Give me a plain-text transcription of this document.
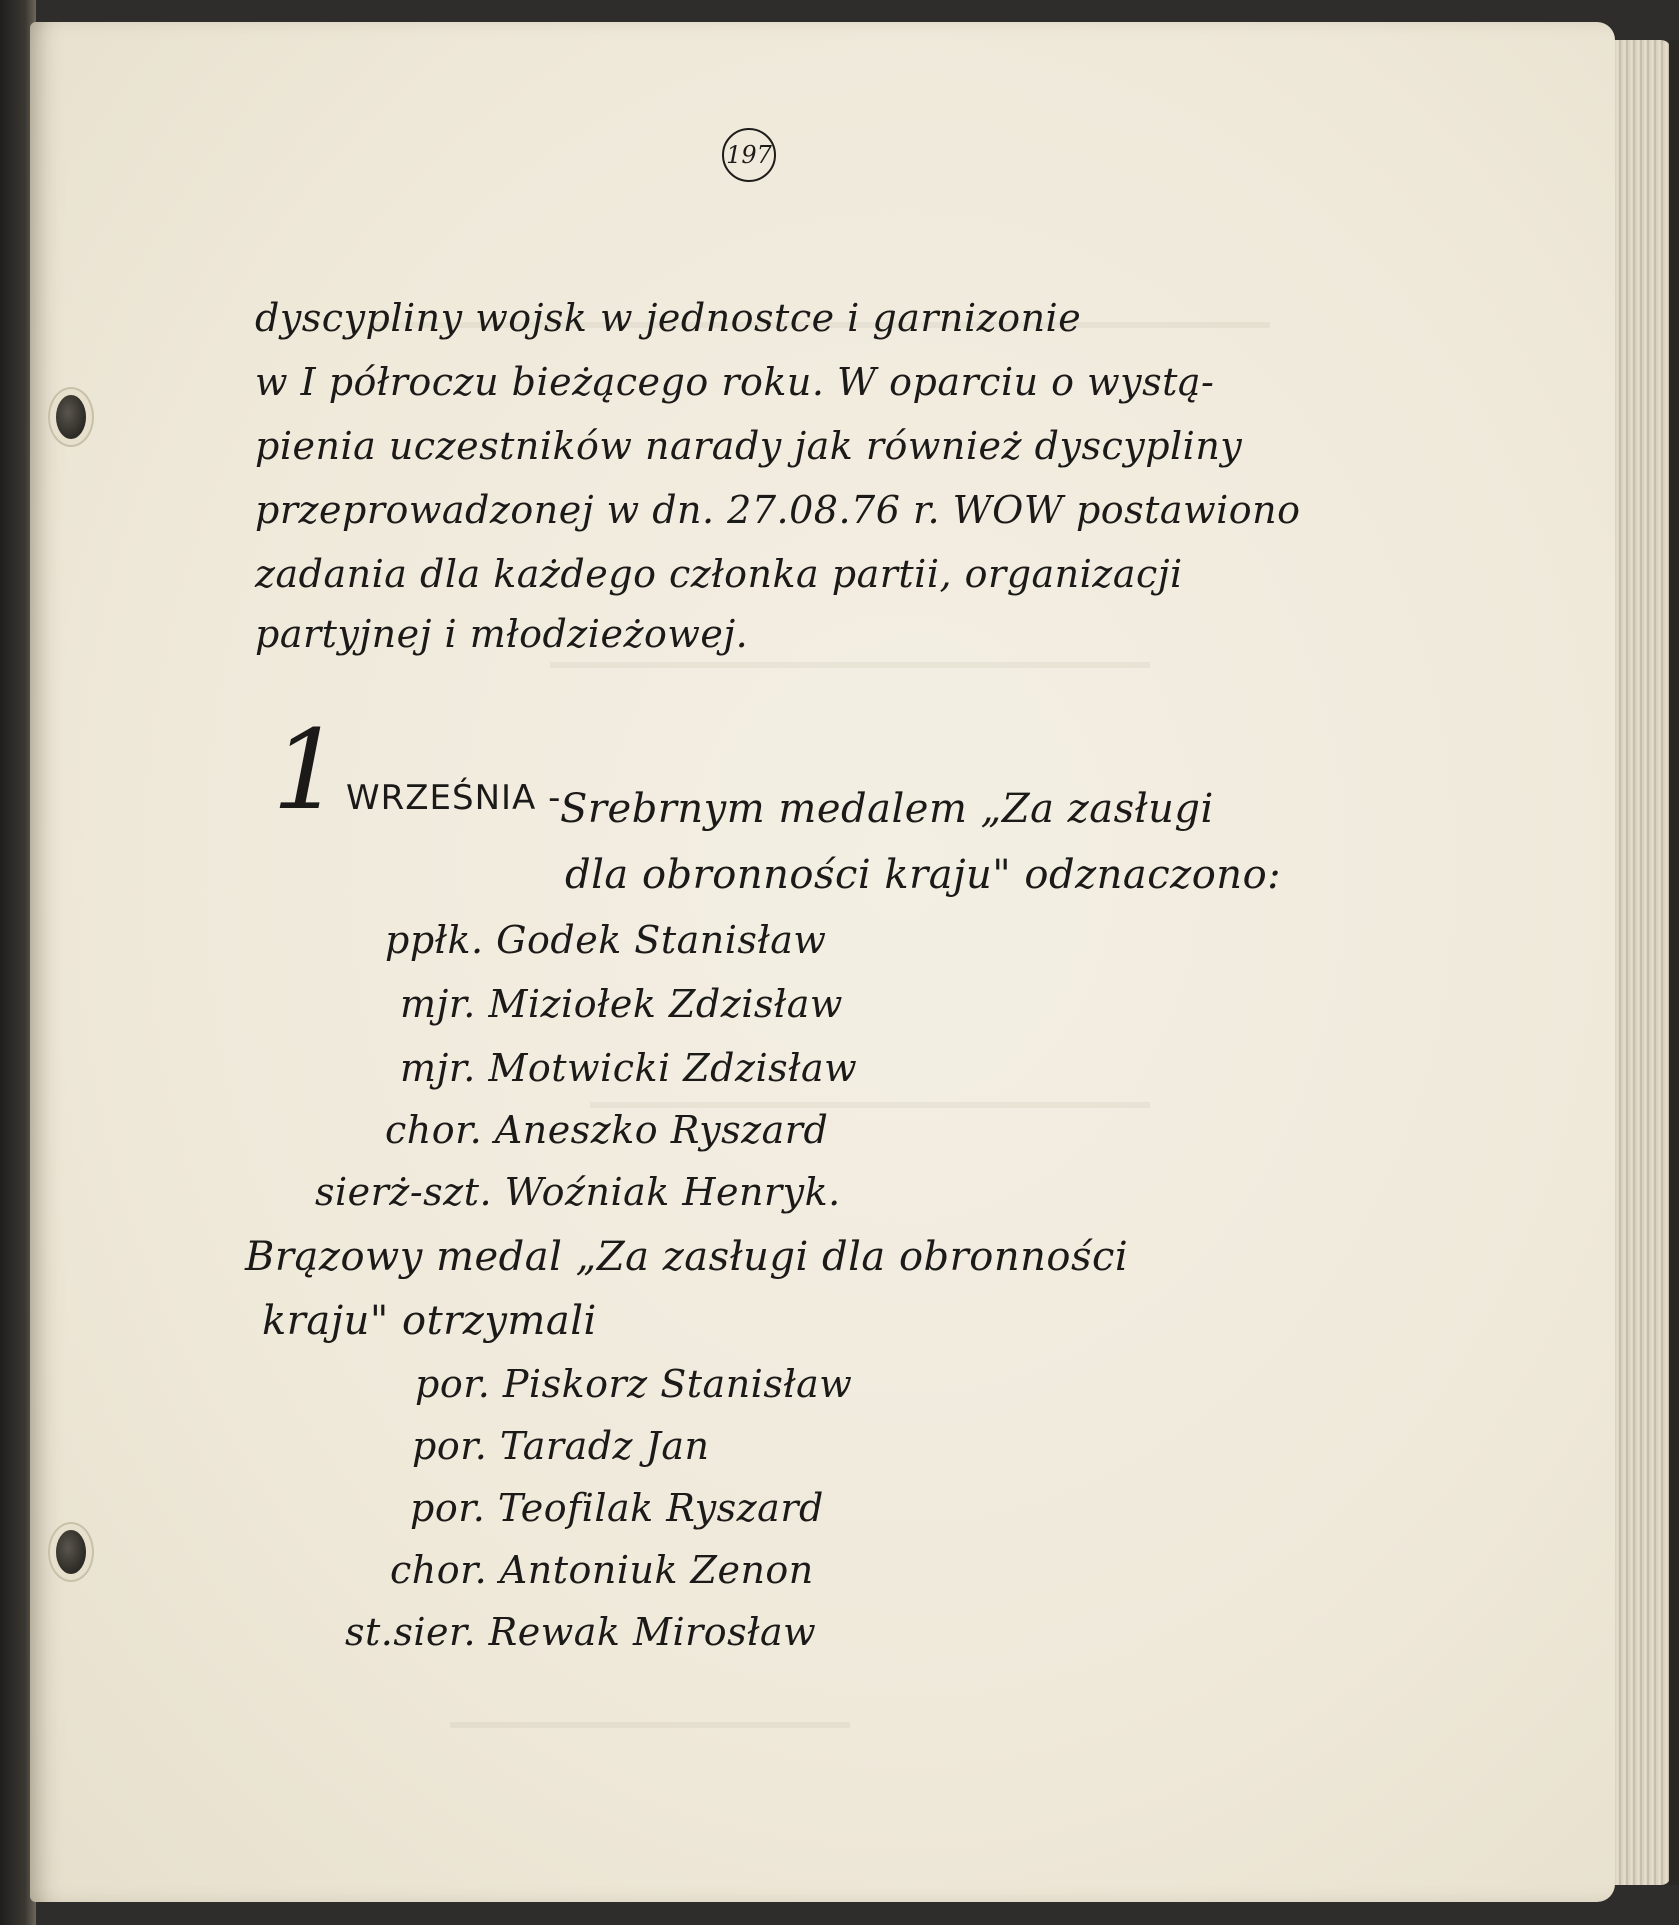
197
dyscypliny wojsk w jednostce i garnizonie
w I półroczu bieżącego roku. W oparciu o wystą-
pienia uczestników narady jak również dyscypliny
przeprowadzonej w dn. 27.08.76 r. WOW postawiono
zadania dla każdego członka partii, organizacji
partyjnej i młodzieżowej.
1 WRZEŚNIA -
Srebrnym medalem „Za zasługi
dla obronności kraju" odznaczono:
ppłk. Godek Stanisław
mjr. Miziołek Zdzisław
mjr. Motwicki Zdzisław
chor. Aneszko Ryszard
sierż-szt. Woźniak Henryk.
Brązowy medal „Za zasługi dla obronności
kraju" otrzymali
por. Piskorz Stanisław
por. Taradz Jan
por. Teofilak Ryszard
chor. Antoniuk Zenon
st.sier. Rewak Mirosław
